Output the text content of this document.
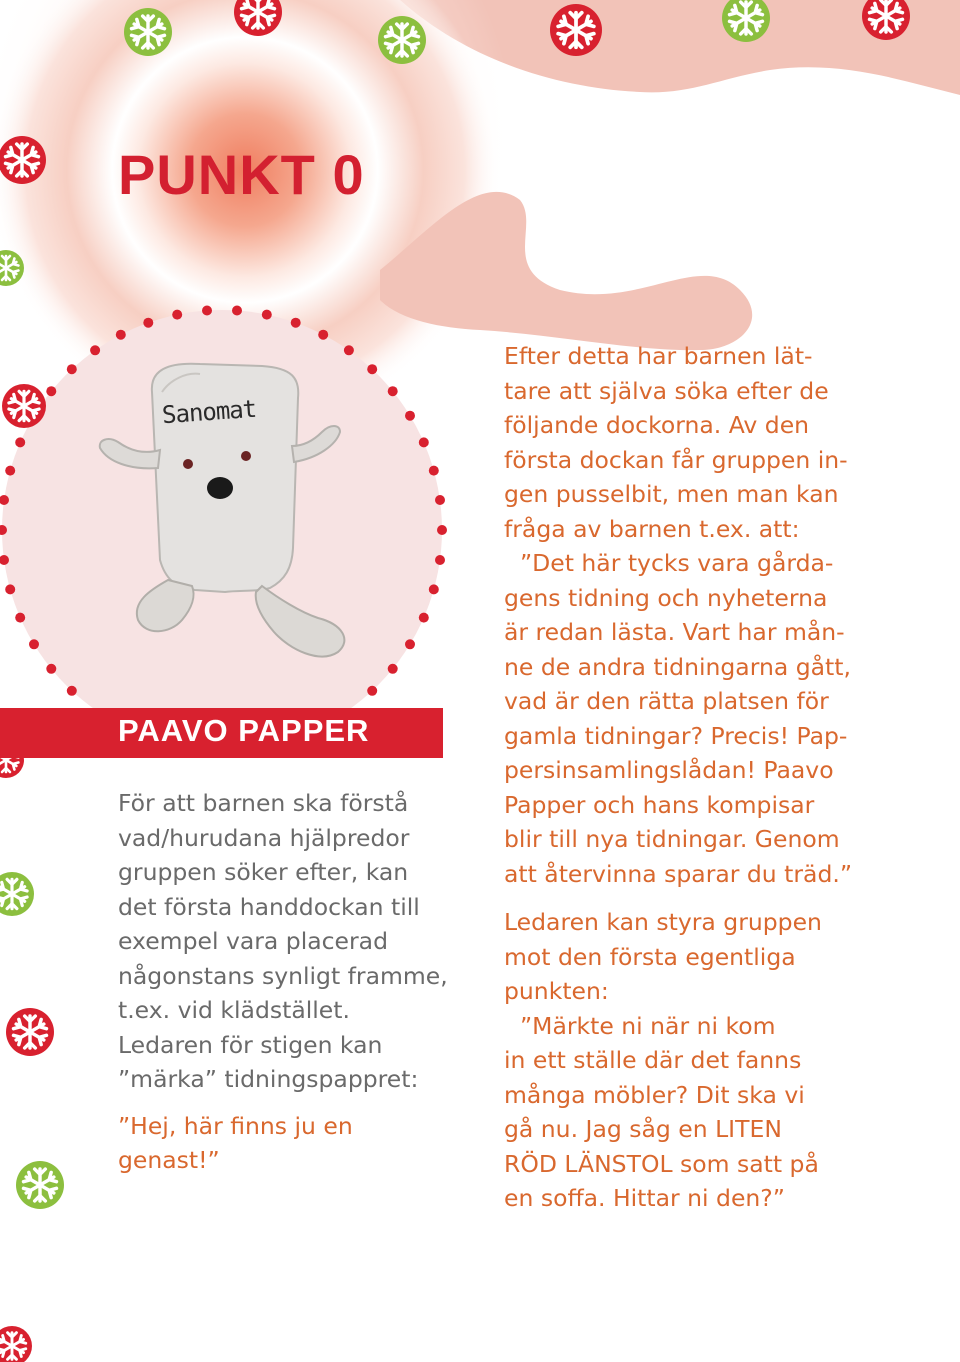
Sanomat
PUNKT 0
PAAVO PAPPER

För att barnen ska förstå vad/hurudana hjälpredor gruppen söker efter, kan det första handdockan till exempel vara placerad någonstans synligt framme, t.ex. vid klädstället. Ledaren för stigen kan ”märka” tidningspappret:

”Hej, här finns ju en genast!”

Efter detta har barnen lät-
tare att själva söka efter de
följande dockorna. Av den
första dockan får gruppen in-
gen pusselbit, men man kan
fråga av barnen t.ex. att:
”Det här tycks vara gårda-
gens tidning och nyheterna
är redan lästa. Vart har mån-
ne de andra tidningarna gått,
vad är den rätta platsen för
gamla tidningar? Precis! Pap-
persinsamlingslådan! Paavo
Papper och hans kompisar
blir till nya tidningar. Genom
att återvinna sparar du träd.”

Ledaren kan styra gruppen
mot den första egentliga
punkten:
”Märkte ni när ni kom
in ett ställe där det fanns
många möbler? Dit ska vi
gå nu. Jag såg en LITEN
RÖD LÄNSTOL som satt på
en soffa. Hittar ni den?”
